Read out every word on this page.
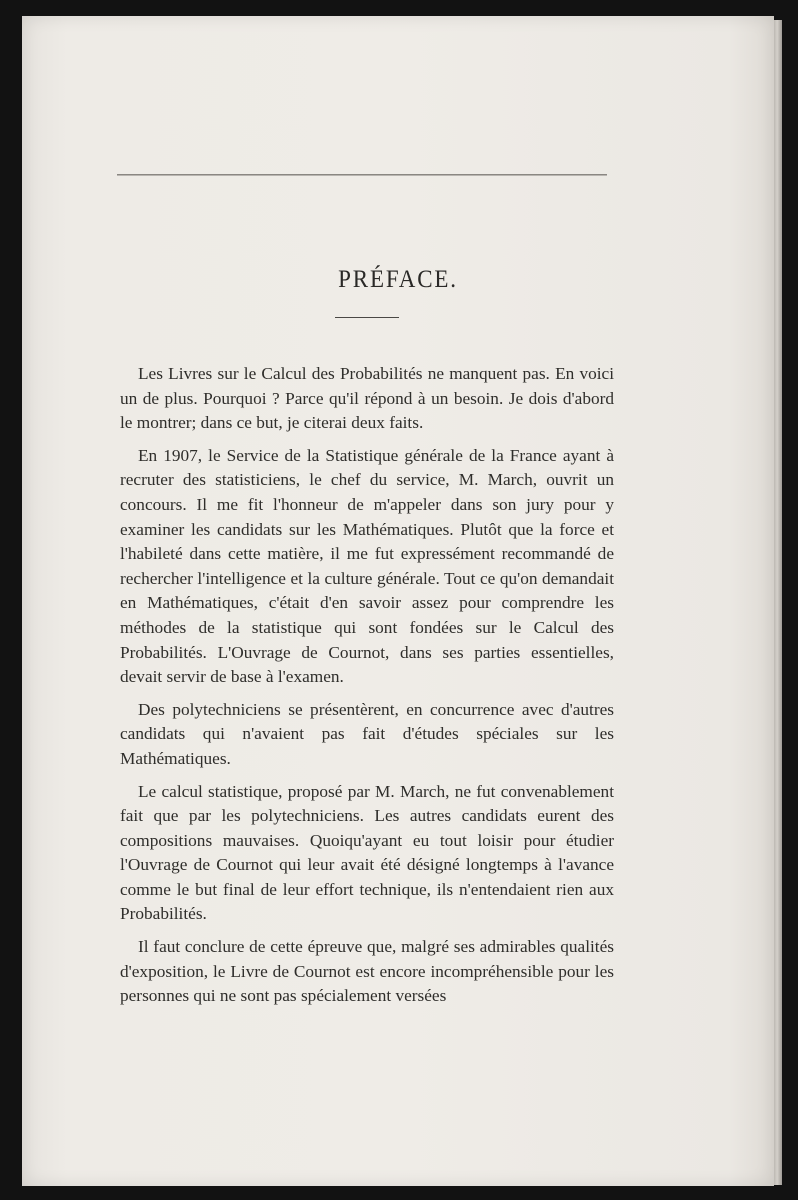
PRÉFACE.

Les Livres sur le Calcul des Probabilités ne manquent pas. En voici un de plus. Pourquoi ? Parce qu'il répond à un besoin. Je dois d'abord le montrer; dans ce but, je citerai deux faits.

En 1907, le Service de la Statistique générale de la France ayant à recruter des statisticiens, le chef du service, M. March, ouvrit un concours. Il me fit l'honneur de m'appeler dans son jury pour y examiner les candidats sur les Mathématiques. Plutôt que la force et l'habileté dans cette matière, il me fut expressément recommandé de rechercher l'intelligence et la culture générale. Tout ce qu'on demandait en Mathématiques, c'était d'en savoir assez pour comprendre les méthodes de la statistique qui sont fondées sur le Calcul des Probabilités. L'Ouvrage de Cournot, dans ses parties essentielles, devait servir de base à l'examen.

Des polytechniciens se présentèrent, en concurrence avec d'autres candidats qui n'avaient pas fait d'études spéciales sur les Mathématiques.

Le calcul statistique, proposé par M. March, ne fut convenablement fait que par les polytechniciens. Les autres candidats eurent des compositions mauvaises. Quoiqu'ayant eu tout loisir pour étudier l'Ouvrage de Cournot qui leur avait été désigné longtemps à l'avance comme le but final de leur effort technique, ils n'entendaient rien aux Probabilités.

Il faut conclure de cette épreuve que, malgré ses admirables qualités d'exposition, le Livre de Cournot est encore incompréhensible pour les personnes qui ne sont pas spécialement versées
